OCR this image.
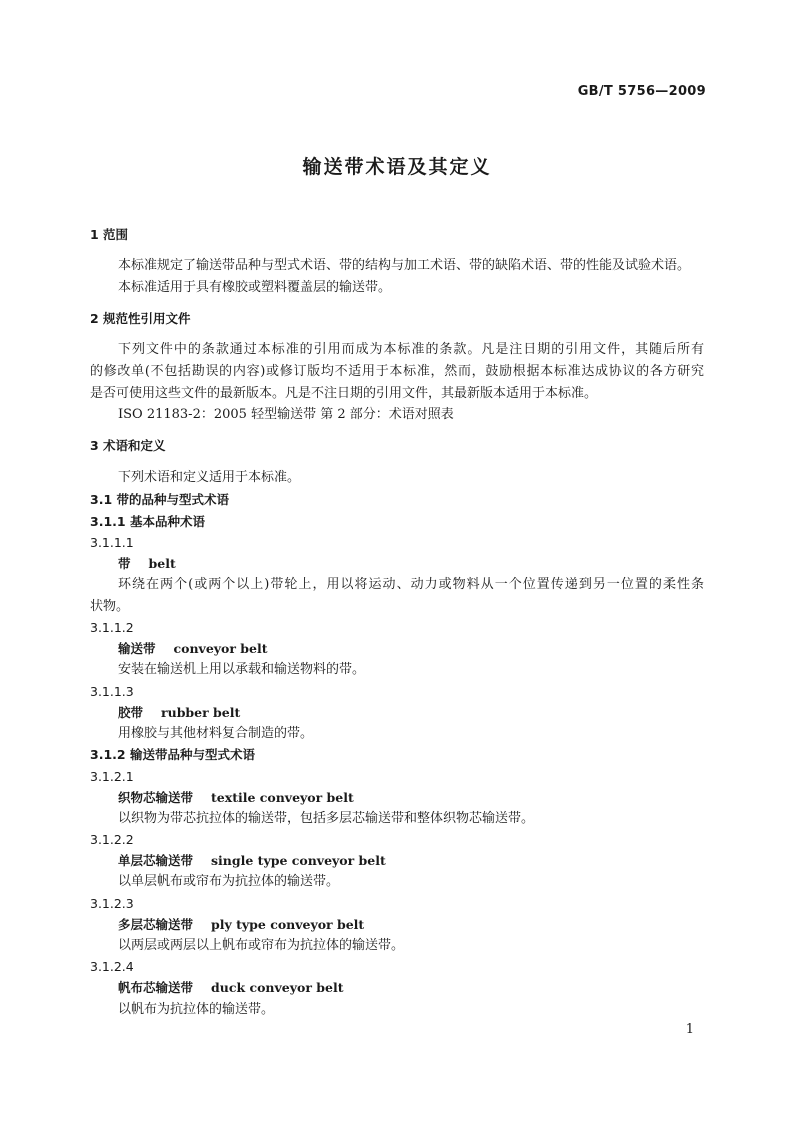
GB/T 5756—2009
输送带术语及其定义
1 范围
本标准规定了输送带品种与型式术语、带的结构与加工术语、带的缺陷术语、带的性能及试验术语。
本标准适用于具有橡胶或塑料覆盖层的输送带。
2 规范性引用文件
下列文件中的条款通过本标准的引用而成为本标准的条款。凡是注日期的引用文件，其随后所有
的修改单(不包括勘误的内容)或修订版均不适用于本标准，然而，鼓励根据本标准达成协议的各方研究
是否可使用这些文件的最新版本。凡是不注日期的引用文件，其最新版本适用于本标准。
ISO 21183-2：2005 轻型输送带 第 2 部分：术语对照表
3 术语和定义
下列术语和定义适用于本标准。
3.1 带的品种与型式术语
3.1.1 基本品种术语
3.1.1.1
带 belt
环绕在两个(或两个以上)带轮上，用以将运动、动力或物料从一个位置传递到另一位置的柔性条
状物。
3.1.1.2
输送带 conveyor belt
安装在输送机上用以承载和输送物料的带。
3.1.1.3
胶带 rubber belt
用橡胶与其他材料复合制造的带。
3.1.2 输送带品种与型式术语
3.1.2.1
织物芯输送带 textile conveyor belt
以织物为带芯抗拉体的输送带，包括多层芯输送带和整体织物芯输送带。
3.1.2.2
单层芯输送带 single type conveyor belt
以单层帆布或帘布为抗拉体的输送带。
3.1.2.3
多层芯输送带 ply type conveyor belt
以两层或两层以上帆布或帘布为抗拉体的输送带。
3.1.2.4
帆布芯输送带 duck conveyor belt
以帆布为抗拉体的输送带。
1
